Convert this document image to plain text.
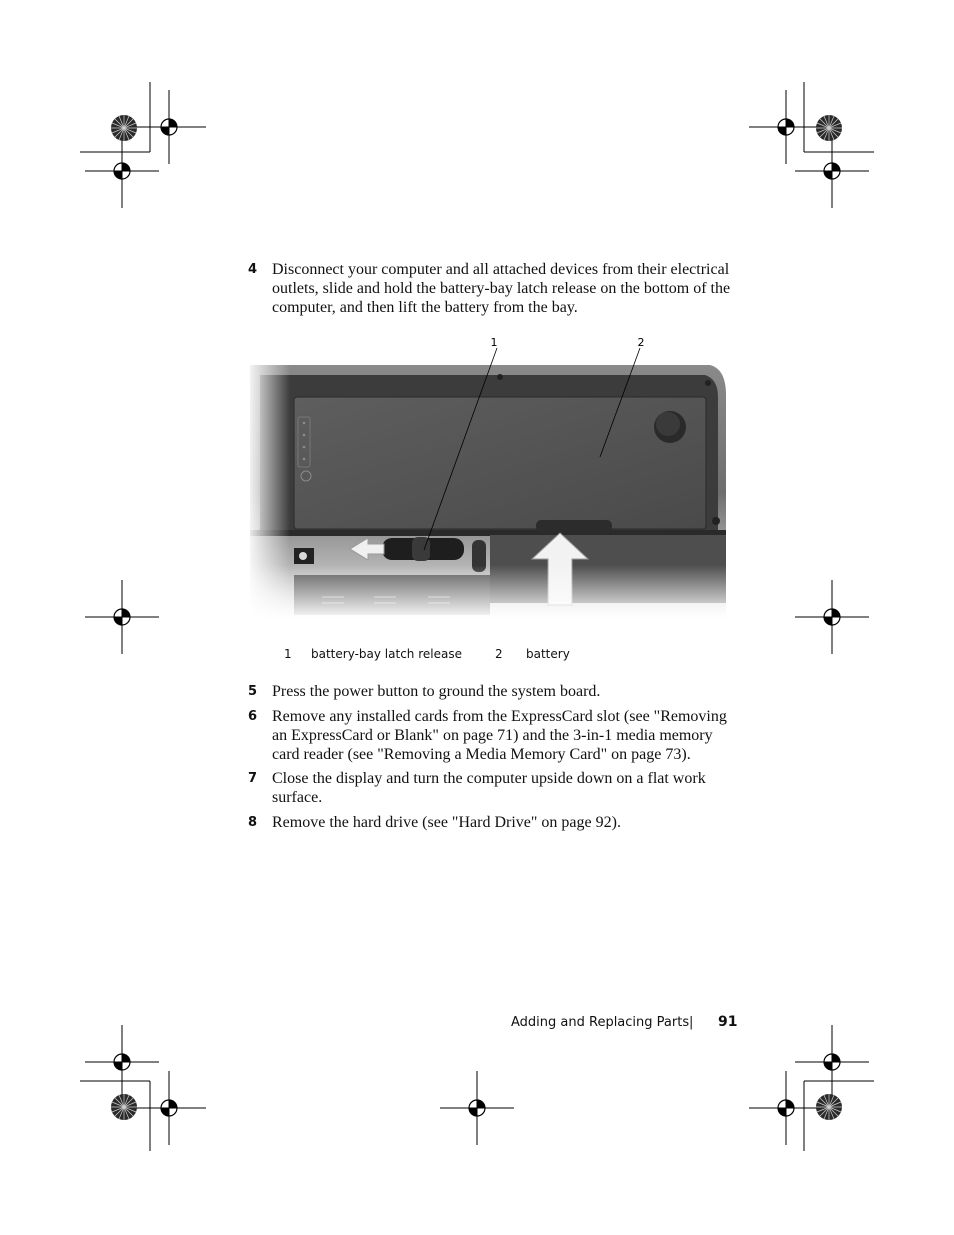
4 Disconnect your computer and all attached devices from their electrical outlets, slide and hold the battery-bay latch release on the bottom of the computer, and then lift the battery from the bay.
1	2
1 battery-bay latch release	2 battery
5 Press the power button to ground the system board.
6 Remove any installed cards from the ExpressCard slot (see "Removing an ExpressCard or Blank" on page 71) and the 3-in-1 media memory card reader (see "Removing a Media Memory Card" on page 73).
7 Close the display and turn the computer upside down on a flat work surface.
8 Remove the hard drive (see "Hard Drive" on page 92).
Adding and Replacing Parts | 91
